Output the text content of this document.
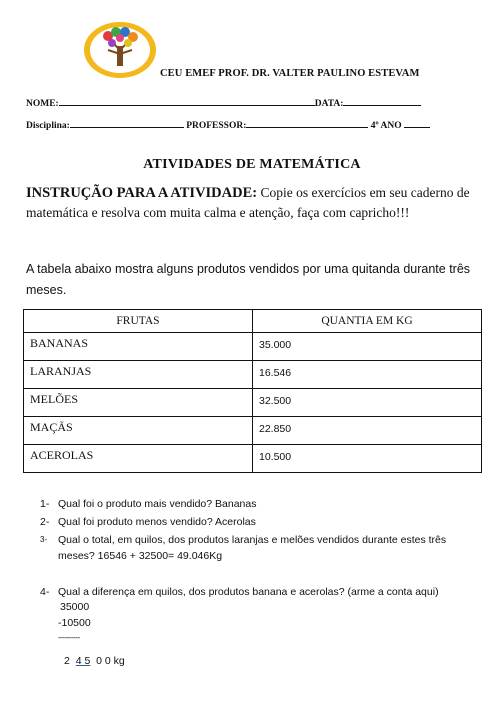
CEU EMEF PROF. DR. VALTER PAULINO ESTEVAM
NOME:	DATA:
Disciplina:	PROFESSOR:	4º ANO
ATIVIDADES DE MATEMÁTICA
INSTRUÇÃO PARA A ATIVIDADE: Copie os exercícios em seu caderno de matemática e resolva com muita calma e atenção, faça com capricho!!!
A tabela abaixo mostra alguns produtos vendidos por uma quitanda durante três meses.
FRUTAS	QUANTIA EM KG
BANANAS	35.000
LARANJAS	16.546
MELÕES	32.500
MAÇÃS	22.850
ACEROLAS	10.500
1- Qual foi o produto mais vendido? Bananas
2- Qual foi produto menos vendido? Acerolas
3-	Qual o total, em quilos, dos produtos laranjas e melões vendidos durante estes três meses? 16546 + 32500= 49.046Kg
4- Qual a diferença em quilos, dos produtos banana e acerolas? (arme a conta aqui)
35000
-10500
----------
2 4 5 0 0 kg
